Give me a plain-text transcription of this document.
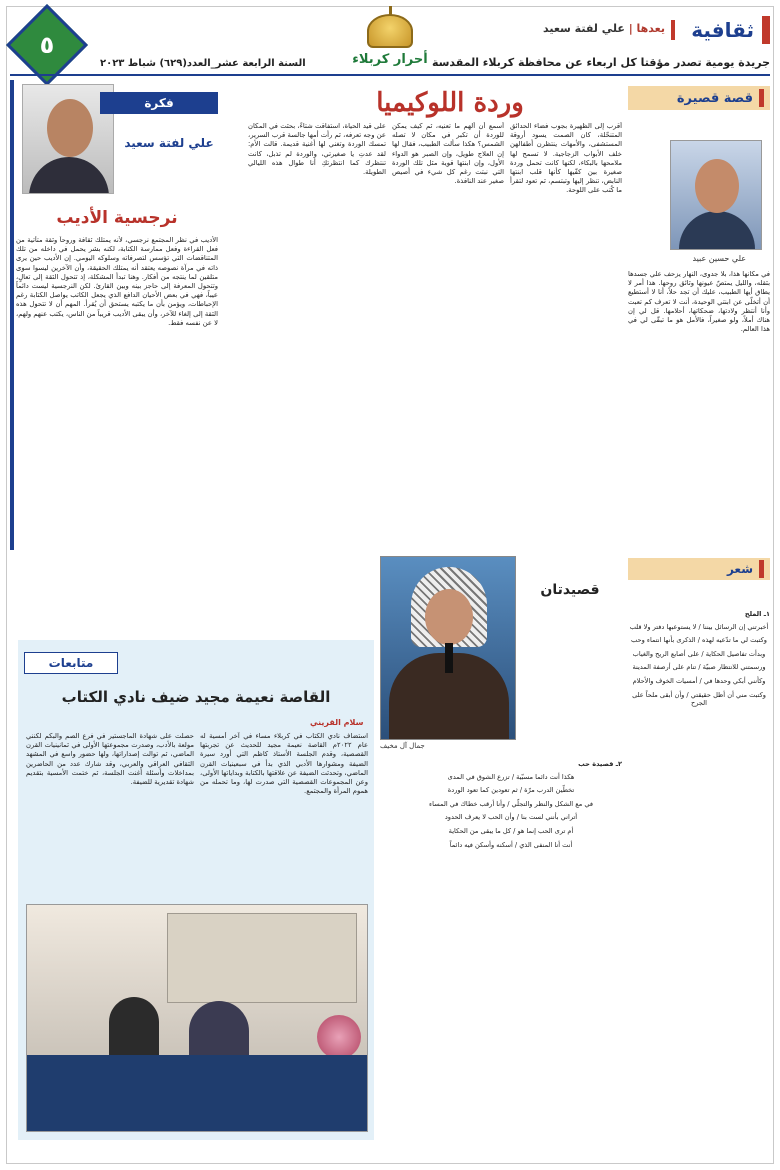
ثقافية
يعدها | علي لفتة سعيد
جريدة يومية تصدر مؤقتا كل اربعاء عن محافظة كربلاء المقدسة
أحرار كربلاء
السنة الرابعة عشر_العدد(٦٢٩) شباط ٢٠٢٣
٥
قصة قصيرة
وردة اللوكيميا
علي حسين عبيد

في مكانها هذا، بلا جدوى، النهار يزحف علي جسدها بثقله، والليل يمتصّ عيونها وثائق روحها. هذا أمر لا يطاق أيها الطبيب، عليك أن تجد حلاً، أنا لا أستطيع أن أتخلّى عن ابنتي الوحيدة، أنت لا تعرف كم تعبت وأنا أنتظر ولادتها، ضحكاتها، أحلامها. قل لي إن هناك أملاً، ولو صغيراً، فالأمل هو ما تبقّى لي في هذا العالم.

أقرب إلى الظهيرة بجوب فضاء الحدائق المتنحّلة، كان الصمت يسود أروقة المستشفى، والأمهات ينتظرن أطفالهن خلف الأبواب الزجاجية. لا تسمح لها ملامحها بالبكاء، لكنها كانت تحمل وردة صغيرة بين كفّيها كأنها قلب ابنتها النابض، تنظر إليها وتبتسم، ثم تعود لتقرأ ما كُتب على اللوحة.

أسمع أن ألهم ما تعنيه، ثم كيف يمكن للوردة أن تكبر في مكان لا تصله الشمس؟ هكذا سألت الطبيب، فقال لها إن العلاج طويل، وإن الصبر هو الدواء الأول، وإن ابنتها قوية مثل تلك الوردة التي نبتت رغم كل شيء في أصيص صغير عند النافذة.

على قيد الحياة، استفاقت شتاءً، بحثت في المكان عن وجه تعرفه، ثم رأت أمها جالسة قرب السرير، تمسك الوردة وتغني لها أغنية قديمة. قالت الأم: لقد عدتِ يا صغيرتي، والوردة لم تذبل، كانت تنتظرك كما انتظرتكِ أنا طوال هذه الليالي الطويلة.

فكرة
علي لفتة سعيد
نرجسية الأديب

الأديب في نظر المجتمع نرجسي، لأنه يمتلك ثقافة وروحاً وثقة متأتية من فعل القراءة وفعل ممارسة الكتابة، لكنه بشر يحمل في داخله من تلك المتناقضات التي تؤسس لتصرفاته وسلوكه اليومي. إن الأديب حين يرى ذاته في مرآة نصوصه يعتقد أنه يمتلك الحقيقة، وأن الآخرين ليسوا سوى متلقين لما ينتجه من أفكار. وهنا تبدأ المشكلة، إذ تتحول الثقة إلى تعالٍ، وتتحول المعرفة إلى حاجز بينه وبين القارئ. لكن النرجسية ليست دائماً عيباً، فهي في بعض الأحيان الدافع الذي يجعل الكاتب يواصل الكتابة رغم الإحباطات، ويؤمن بأن ما يكتبه يستحق أن يُقرأ. المهم أن لا تتحول هذه الثقة إلى إلغاء للآخر، وأن يبقى الأديب قريباً من الناس، يكتب عنهم ولهم، لا عن نفسه فقط.

شعر
قصيدتان
١ـ الملح
أخبرتني إن الرسائل بيننا / لا يستوعبها دفتر ولا قلب
وكتبت لي ما تدّعيه لهذه / الذكرى بأنها انتماء وحب
وبدأت تفاصيل الحكاية / على أصابع الريح والغياب
ورسمتني للانتظار صبيّة / تنام على أرصفة المدينة
وكأنني أبكي وحدها في / أمسيات الخوف والأحلام
وكتبت مني أن أظل حقيقتي / وأن أبقى ملحاً على الجرح
٢ـ قصيدة حب
هكذا أنت دائما مسبّية / تزرع الشوق في المدى
تخطّين الدرب مرّة / ثم تعودين كما تعود الوردة
في مع الشكل والنظر والتجلّي / وأنا أرقب خطاك في المساء
أتراني بأنني لست بنا / وأن الحب لا يعرف الحدود
أم ترى الحب إنما هو / كل ما يبقى من الحكاية
أنت أنا المنفى الذي / أسكنه وأسكن فيه دائماً
جمال آل مخيف
متابعات
القاصة نعيمة مجيد ضيف نادي الكتاب
سلام القريني

استضاف نادي الكتاب في كربلاء مساء في آخر أمسية له عام ٢٠٢٢م القاصة نعيمة مجيد للحديث عن تجربتها القصصية، وقدم الجلسة الأستاذ كاظم التي أورد سيرة الضيفة ومشوارها الأدبي الذي بدأ في سبعينيات القرن الماضي، وتحدثت الضيفة عن علاقتها بالكتابة وبداياتها الأولى، وعن المجموعات القصصية التي صدرت لها، وما تحمله من هموم المرأة والمجتمع.

حصلت على شهادة الماجستير في فرع الصم والبكم لكنني مولعة بالأدب، وصدرت مجموعتها الأولى في ثمانينيات القرن الماضي، ثم توالت إصداراتها، ولها حضور واسع في المشهد الثقافي العراقي والعربي، وقد شارك عدد من الحاضرين بمداخلات وأسئلة أغنت الجلسة، ثم ختمت الأمسية بتقديم شهادة تقديرية للضيفة.
